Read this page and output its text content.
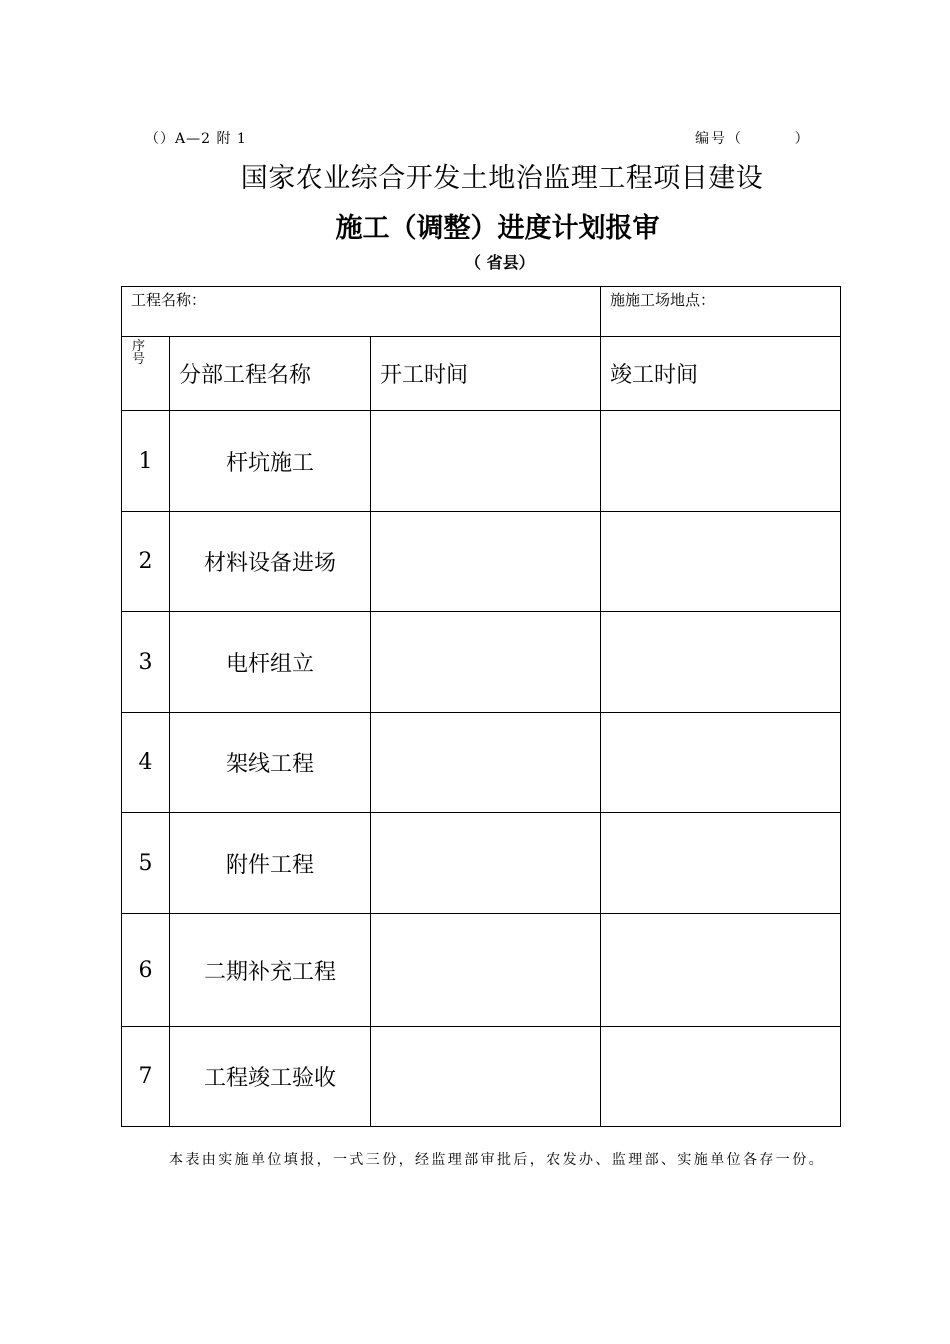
（）A—2 附 1	编号（        ）
国家农业综合开发土地治监理工程项目建设
施工（调整）进度计划报审
（ 省县）
工程名称：			施施工场地点：

序号	分部工程名称	开工时间	竣工时间
1	杆坑施工		
2	材料设备进场		
3	电杆组立		
4	架线工程		
5	附件工程		
6	二期补充工程		
7	工程竣工验收		
本表由实施单位填报，一式三份，经监理部审批后，农发办、监理部、实施单位各存一份。
